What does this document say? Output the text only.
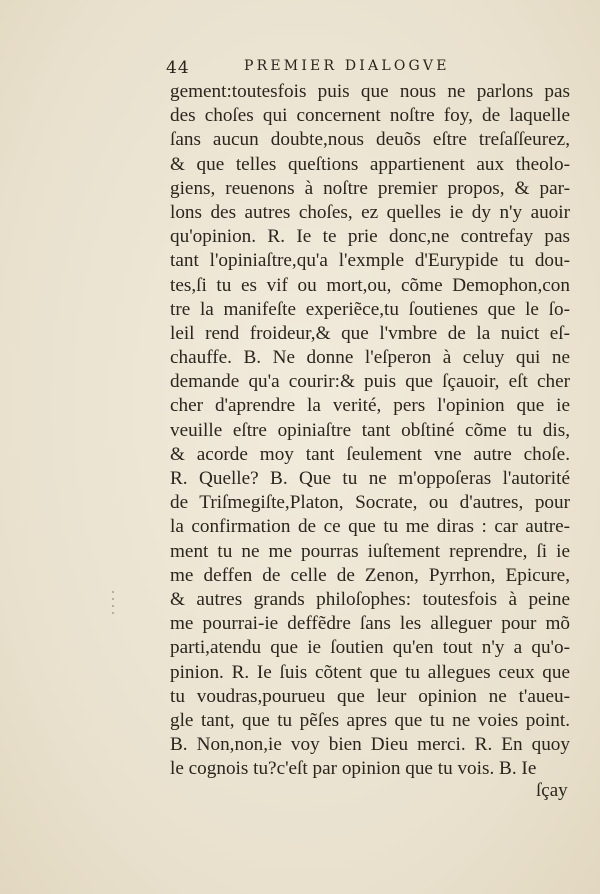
44	PREMIER DIALOGVE
gement:toutesfois puis que nous ne parlons pas
des choſes qui concernent noſtre foy, de laquelle
ſans aucun doubte,nous deuõs eſtre treſaſſeurez,
& que telles queſtions appartienent aux theolo-
giens, reuenons à noſtre premier propos, & par-
lons des autres choſes, ez quelles ie dy n'y auoir
qu'opinion. R. Ie te prie donc,ne contrefay pas
tant l'opiniaſtre,qu'a l'exmple d'Eurypide tu dou-
tes,ſi tu es vif ou mort,ou, cõme Demophon,con
tre la manifeſte experiẽce,tu ſoutienes que le ſo-
leil rend froideur,& que l'vmbre de la nuict eſ-
chauffe. B. Ne donne l'eſperon à celuy qui ne
demande qu'a courir:& puis que ſçauoir, eſt cher
cher d'aprendre la verité, pers l'opinion que ie
veuille eſtre opiniaſtre tant obſtiné cõme tu dis,
& acorde moy tant ſeulement vne autre choſe.
R. Quelle? B. Que tu ne m'oppoſeras l'autorité
de Triſmegiſte,Platon, Socrate, ou d'autres, pour
la confirmation de ce que tu me diras : car autre-
ment tu ne me pourras iuſtement reprendre, ſi ie
me deffen de celle de Zenon, Pyrrhon, Epicure,
& autres grands philoſophes: toutesfois à peine
me pourrai-ie deffẽdre ſans les alleguer pour mõ
parti,atendu que ie ſoutien qu'en tout n'y a qu'o-
pinion. R. Ie ſuis cõtent que tu allegues ceux que
tu voudras,pourueu que leur opinion ne t'aueu-
gle tant, que tu pẽſes apres que tu ne voies point.
B. Non,non,ie voy bien Dieu merci. R. En quoy
le cognois tu?c'eſt par opinion que tu vois. B. Ie
ſçay
